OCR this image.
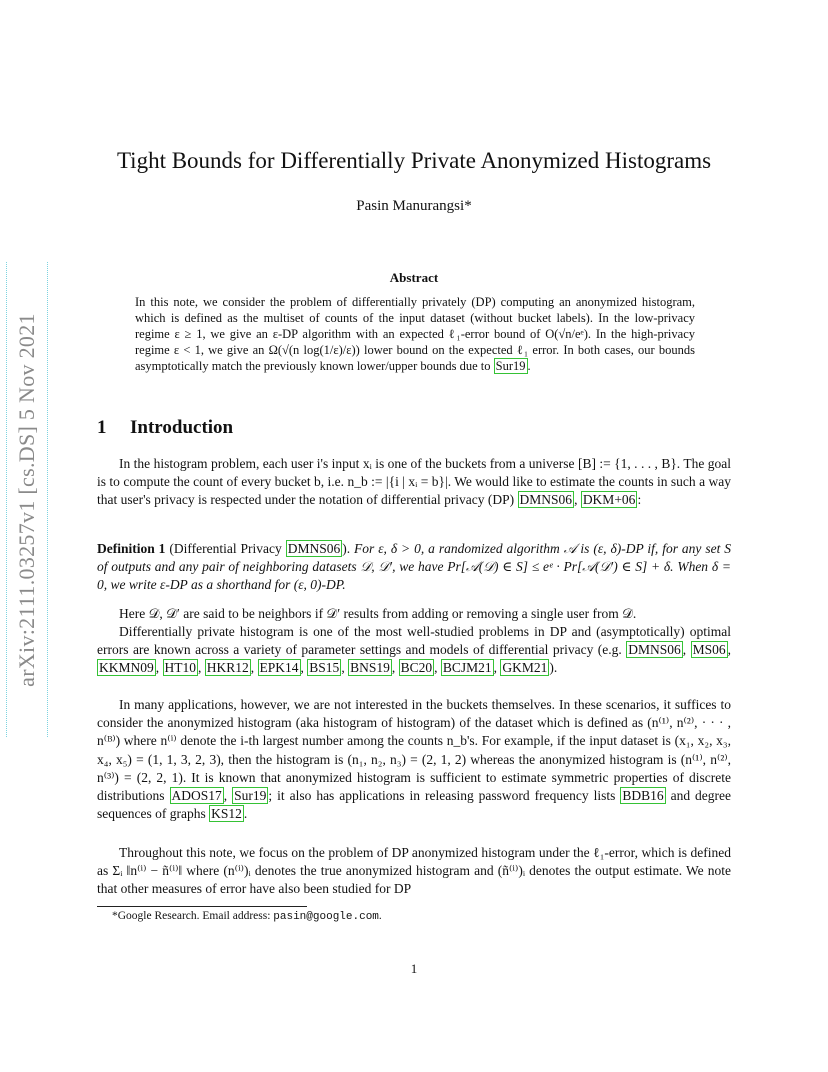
arXiv:2111.03257v1 [cs.DS] 5 Nov 2021
Tight Bounds for Differentially Private Anonymized Histograms
Pasin Manurangsi*
Abstract
In this note, we consider the problem of differentially privately (DP) computing an anonymized histogram, which is defined as the multiset of counts of the input dataset (without bucket labels). In the low-privacy regime ε ≥ 1, we give an ε-DP algorithm with an expected ℓ₁-error bound of O(√n/eᵉ). In the high-privacy regime ε < 1, we give an Ω(√(n log(1/ε)/ε)) lower bound on the expected ℓ₁ error. In both cases, our bounds asymptotically match the previously known lower/upper bounds due to Sur19 .
1 Introduction
In the histogram problem, each user i's input xᵢ is one of the buckets from a universe [B] := {1, . . . , B}. The goal is to compute the count of every bucket b, i.e. n_b := |{i | xᵢ = b}|. We would like to estimate the counts in such a way that user's privacy is respected under the notation of differential privacy (DP) DMNS06 , DKM+06 :
Definition 1 (Differential Privacy DMNS06 ). For ε, δ > 0, a randomized algorithm 𝒜 is (ε, δ)-DP if, for any set S of outputs and any pair of neighboring datasets 𝒟, 𝒟′, we have Pr[𝒜(𝒟) ∈ S] ≤ eᵉ · Pr[𝒜(𝒟′) ∈ S] + δ. When δ = 0, we write ε-DP as a shorthand for (ε, 0)-DP.
Here 𝒟, 𝒟′ are said to be neighbors if 𝒟′ results from adding or removing a single user from 𝒟.
Differentially private histogram is one of the most well-studied problems in DP and (asymptotically) optimal errors are known across a variety of parameter settings and models of differential privacy (e.g. DMNS06 , MS06 , KKMN09 , HT10 , HKR12 , EPK14 , BS15 , BNS19 , BC20 , BCJM21 , GKM21 ).
In many applications, however, we are not interested in the buckets themselves. In these scenarios, it suffices to consider the anonymized histogram (aka histogram of histogram) of the dataset which is defined as (n⁽¹⁾, n⁽²⁾, · · · , n⁽ᴮ⁾) where n⁽ⁱ⁾ denote the i-th largest number among the counts n_b's. For example, if the input dataset is (x₁, x₂, x₃, x₄, x₅) = (1, 1, 3, 2, 3), then the histogram is (n₁, n₂, n₃) = (2, 1, 2) whereas the anonymized histogram is (n⁽¹⁾, n⁽²⁾, n⁽³⁾) = (2, 2, 1). It is known that anonymized histogram is sufficient to estimate symmetric properties of discrete distributions ADOS17 , Sur19 ; it also has applications in releasing password frequency lists BDB16 and degree sequences of graphs KS12 .
Throughout this note, we focus on the problem of DP anonymized histogram under the ℓ₁-error, which is defined as Σᵢ ‖n⁽ⁱ⁾ − ñ⁽ⁱ⁾‖ where (n⁽ⁱ⁾)ᵢ denotes the true anonymized histogram and (ñ⁽ⁱ⁾)ᵢ denotes the output estimate. We note that other measures of error have also been studied for DP
*Google Research. Email address: pasin@google.com.
1
